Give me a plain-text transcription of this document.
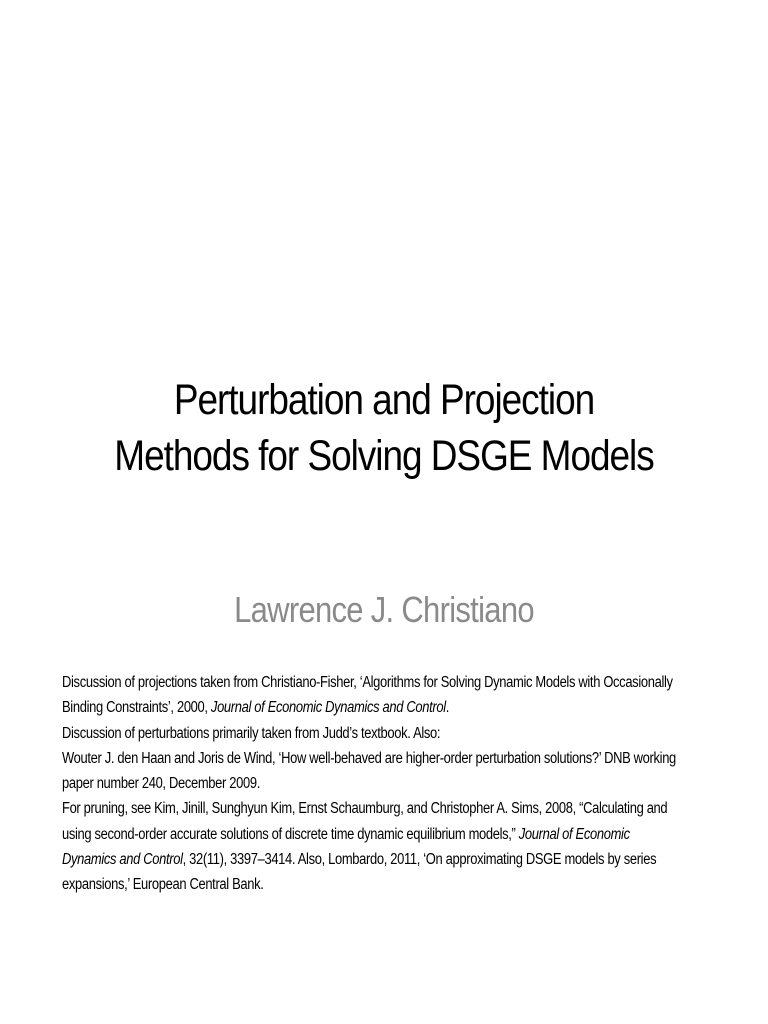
Perturbation and Projection
Methods for Solving DSGE Models
Lawrence J. Christiano
Discussion of projections taken from Christiano-Fisher, ‘Algorithms for Solving Dynamic Models with Occasionally
Binding Constraints’, 2000, Journal of Economic Dynamics and Control.
Discussion of perturbations primarily taken from Judd’s textbook. Also:
Wouter J. den Haan and Joris de Wind, ‘How well-behaved are higher-order perturbation solutions?’ DNB working
paper number 240, December 2009.
For pruning, see Kim, Jinill, Sunghyun Kim, Ernst Schaumburg, and Christopher A. Sims, 2008, “Calculating and
using second-order accurate solutions of discrete time dynamic equilibrium models,” Journal of Economic
Dynamics and Control, 32(11), 3397–3414. Also, Lombardo, 2011, ‘On approximating DSGE models by series
expansions,’ European Central Bank.
